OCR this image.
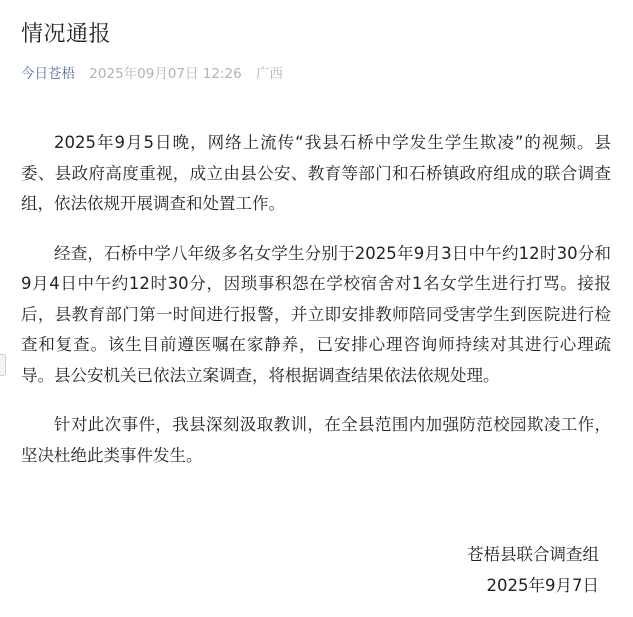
情况通报
今日苍梧 2025年09月07日 12:26 广西

2025年9月5日晚，网络上流传“我县石桥中学发生学生欺凌”的视频。县委、县政府高度重视，成立由县公安、教育等部门和石桥镇政府组成的联合调查组，依法依规开展调查和处置工作。

经查，石桥中学八年级多名女学生分别于2025年9月3日中午约12时30分和9月4日中午约12时30分，因琐事积怨在学校宿舍对1名女学生进行打骂。接报后，县教育部门第一时间进行报警，并立即安排教师陪同受害学生到医院进行检查和复查。该生目前遵医嘱在家静养，已安排心理咨询师持续对其进行心理疏导。县公安机关已依法立案调查，将根据调查结果依法依规处理。

针对此次事件，我县深刻汲取教训，在全县范围内加强防范校园欺凌工作，坚决杜绝此类事件发生。

苍梧县联合调查组
2025年9月7日
